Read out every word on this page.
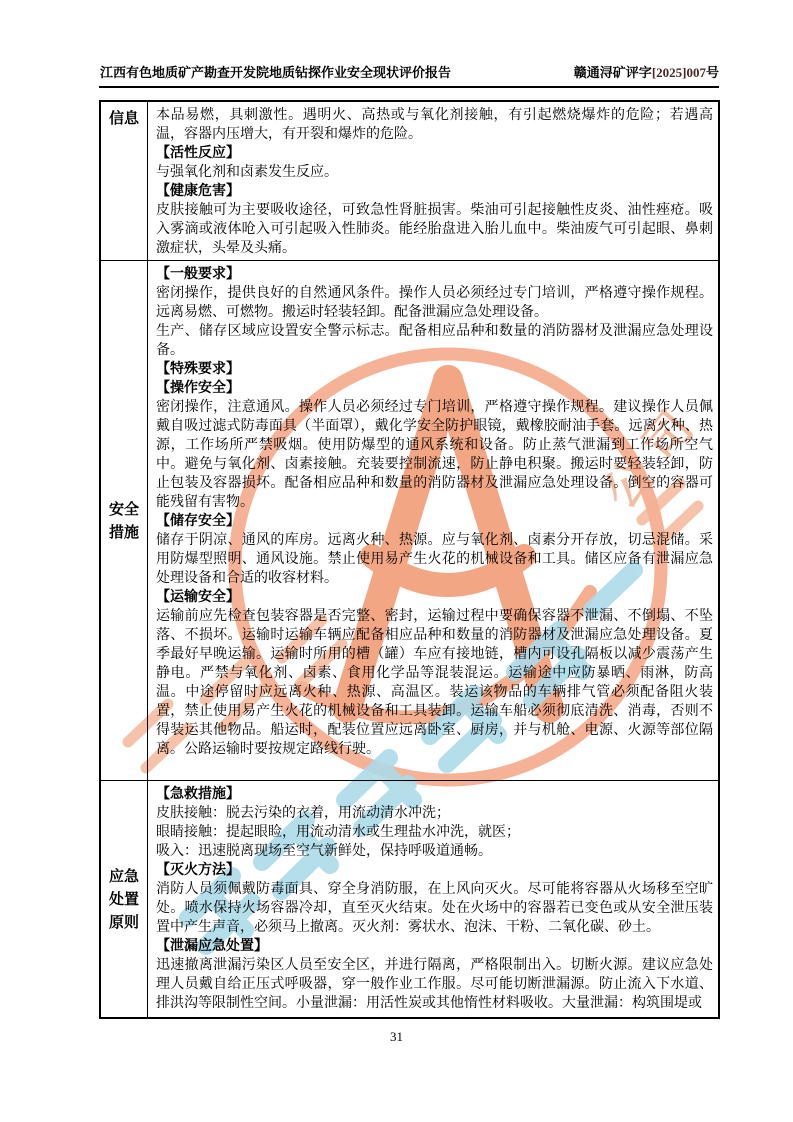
公司
江西有色地质矿产勘查开发院地质钻探作业安全现状评价报告	赣通浔矿评字[2025]007号
信息 本品易燃，具刺激性。遇明火、高热或与氧化剂接触，有引起燃烧爆炸的危险；若遇高温，容器内压增大，有开裂和爆炸的危险。
【活性反应】
与强氧化剂和卤素发生反应。
【健康危害】
皮肤接触可为主要吸收途径，可致急性肾脏损害。柴油可引起接触性皮炎、油性痤疮。吸入雾滴或液体呛入可引起吸入性肺炎。能经胎盘进入胎儿血中。柴油废气可引起眼、鼻刺激症状，头晕及头痛。
安全
措施
【一般要求】
密闭操作，提供良好的自然通风条件。操作人员必须经过专门培训，严格遵守操作规程。远离易燃、可燃物。搬运时轻装轻卸。配备泄漏应急处理设备。
生产、储存区域应设置安全警示标志。配备相应品种和数量的消防器材及泄漏应急处理设备。
【特殊要求】
【操作安全】
密闭操作，注意通风。操作人员必须经过专门培训，严格遵守操作规程。建议操作人员佩戴自吸过滤式防毒面具（半面罩），戴化学安全防护眼镜，戴橡胶耐油手套。远离火种、热源，工作场所严禁吸烟。使用防爆型的通风系统和设备。防止蒸气泄漏到工作场所空气中。避免与氧化剂、卤素接触。充装要控制流速，防止静电积聚。搬运时要轻装轻卸，防止包装及容器损坏。配备相应品种和数量的消防器材及泄漏应急处理设备。倒空的容器可能残留有害物。
【储存安全】
储存于阴凉、通风的库房。远离火种、热源。应与氧化剂、卤素分开存放，切忌混储。采用防爆型照明、通风设施。禁止使用易产生火花的机械设备和工具。储区应备有泄漏应急处理设备和合适的收容材料。
【运输安全】
运输前应先检查包装容器是否完整、密封，运输过程中要确保容器不泄漏、不倒塌、不坠落、不损坏。运输时运输车辆应配备相应品种和数量的消防器材及泄漏应急处理设备。夏季最好早晚运输。运输时所用的槽（罐）车应有接地链，槽内可设孔隔板以减少震荡产生静电。严禁与氧化剂、卤素、食用化学品等混装混运。运输途中应防暴晒、雨淋，防高温。中途停留时应远离火种、热源、高温区。装运该物品的车辆排气管必须配备阻火装置，禁止使用易产生火花的机械设备和工具装卸。运输车船必须彻底清洗、消毒，否则不得装运其他物品。船运时，配装位置应远离卧室、厨房，并与机舱、电源、火源等部位隔离。公路运输时要按规定路线行驶。
应急
处置
原则
【急救措施】
皮肤接触：脱去污染的衣着，用流动清水冲洗；
眼睛接触：提起眼睑，用流动清水或生理盐水冲洗，就医；
吸入：迅速脱离现场至空气新鲜处，保持呼吸道通畅。
【灭火方法】
消防人员须佩戴防毒面具、穿全身消防服，在上风向灭火。尽可能将容器从火场移至空旷处。喷水保持火场容器冷却，直至灭火结束。处在火场中的容器若已变色或从安全泄压装置中产生声音，必须马上撤离。灭火剂：雾状水、泡沫、干粉、二氧化碳、砂土。
【泄漏应急处置】
迅速撤离泄漏污染区人员至安全区，并进行隔离，严格限制出入。切断火源。建议应急处理人员戴自给正压式呼吸器，穿一般作业工作服。尽可能切断泄漏源。防止流入下水道、排洪沟等限制性空间。小量泄漏：用活性炭或其他惰性材料吸收。大量泄漏：构筑围堤或
31
